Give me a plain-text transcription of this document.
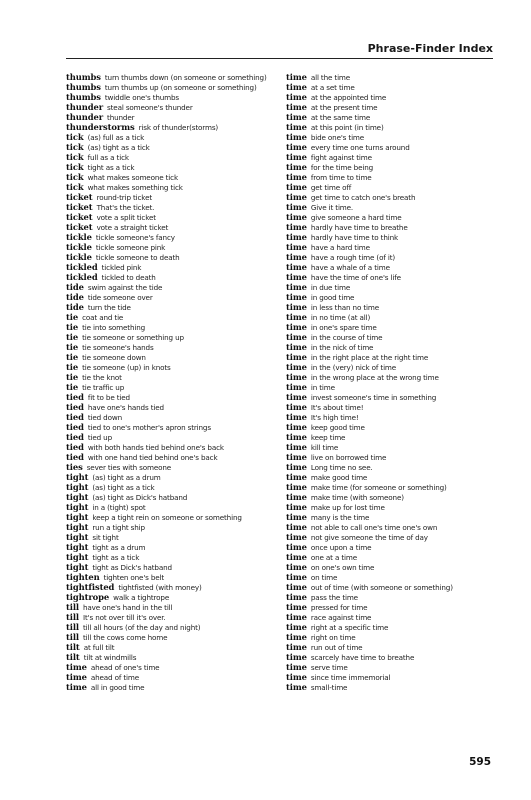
Phrase-Finder Index
thumbs turn thumbs down (on someone or something)
thumbs turn thumbs up (on someone or something)
thumbs twiddle one's thumbs
thunder steal someone's thunder
thunder thunder
thunderstorms risk of thunder(storms)
tick (as) full as a tick
tick (as) tight as a tick
tick full as a tick
tick tight as a tick
tick what makes someone tick
tick what makes something tick
ticket round-trip ticket
ticket That's the ticket.
ticket vote a split ticket
ticket vote a straight ticket
tickle tickle someone's fancy
tickle tickle someone pink
tickle tickle someone to death
tickled tickled pink
tickled tickled to death
tide swim against the tide
tide tide someone over
tide turn the tide
tie coat and tie
tie tie into something
tie tie someone or something up
tie tie someone's hands
tie tie someone down
tie tie someone (up) in knots
tie tie the knot
tie tie traffic up
tied fit to be tied
tied have one's hands tied
tied tied down
tied tied to one's mother's apron strings
tied tied up
tied with both hands tied behind one's back
tied with one hand tied behind one's back
ties sever ties with someone
tight (as) tight as a drum
tight (as) tight as a tick
tight (as) tight as Dick's hatband
tight in a (tight) spot
tight keep a tight rein on someone or something
tight run a tight ship
tight sit tight
tight tight as a drum
tight tight as a tick
tight tight as Dick's hatband
tighten tighten one's belt
tightfisted tightfisted (with money)
tightrope walk a tightrope
till have one's hand in the till
till It's not over till it's over.
till till all hours (of the day and night)
till till the cows come home
tilt at full tilt
tilt tilt at windmills
time ahead of one's time
time ahead of time
time all in good time
time all the time
time at a set time
time at the appointed time
time at the present time
time at the same time
time at this point (in time)
time bide one's time
time every time one turns around
time fight against time
time for the time being
time from time to time
time get time off
time get time to catch one's breath
time Give it time.
time give someone a hard time
time hardly have time to breathe
time hardly have time to think
time have a hard time
time have a rough time (of it)
time have a whale of a time
time have the time of one's life
time in due time
time in good time
time in less than no time
time in no time (at all)
time in one's spare time
time in the course of time
time in the nick of time
time in the right place at the right time
time in the (very) nick of time
time in the wrong place at the wrong time
time in time
time invest someone's time in something
time It's about time!
time It's high time!
time keep good time
time keep time
time kill time
time live on borrowed time
time Long time no see.
time make good time
time make time (for someone or something)
time make time (with someone)
time make up for lost time
time many is the time
time not able to call one's time one's own
time not give someone the time of day
time once upon a time
time one at a time
time on one's own time
time on time
time out of time (with someone or something)
time pass the time
time pressed for time
time race against time
time right at a specific time
time right on time
time run out of time
time scarcely have time to breathe
time serve time
time since time immemorial
time small-time
595
